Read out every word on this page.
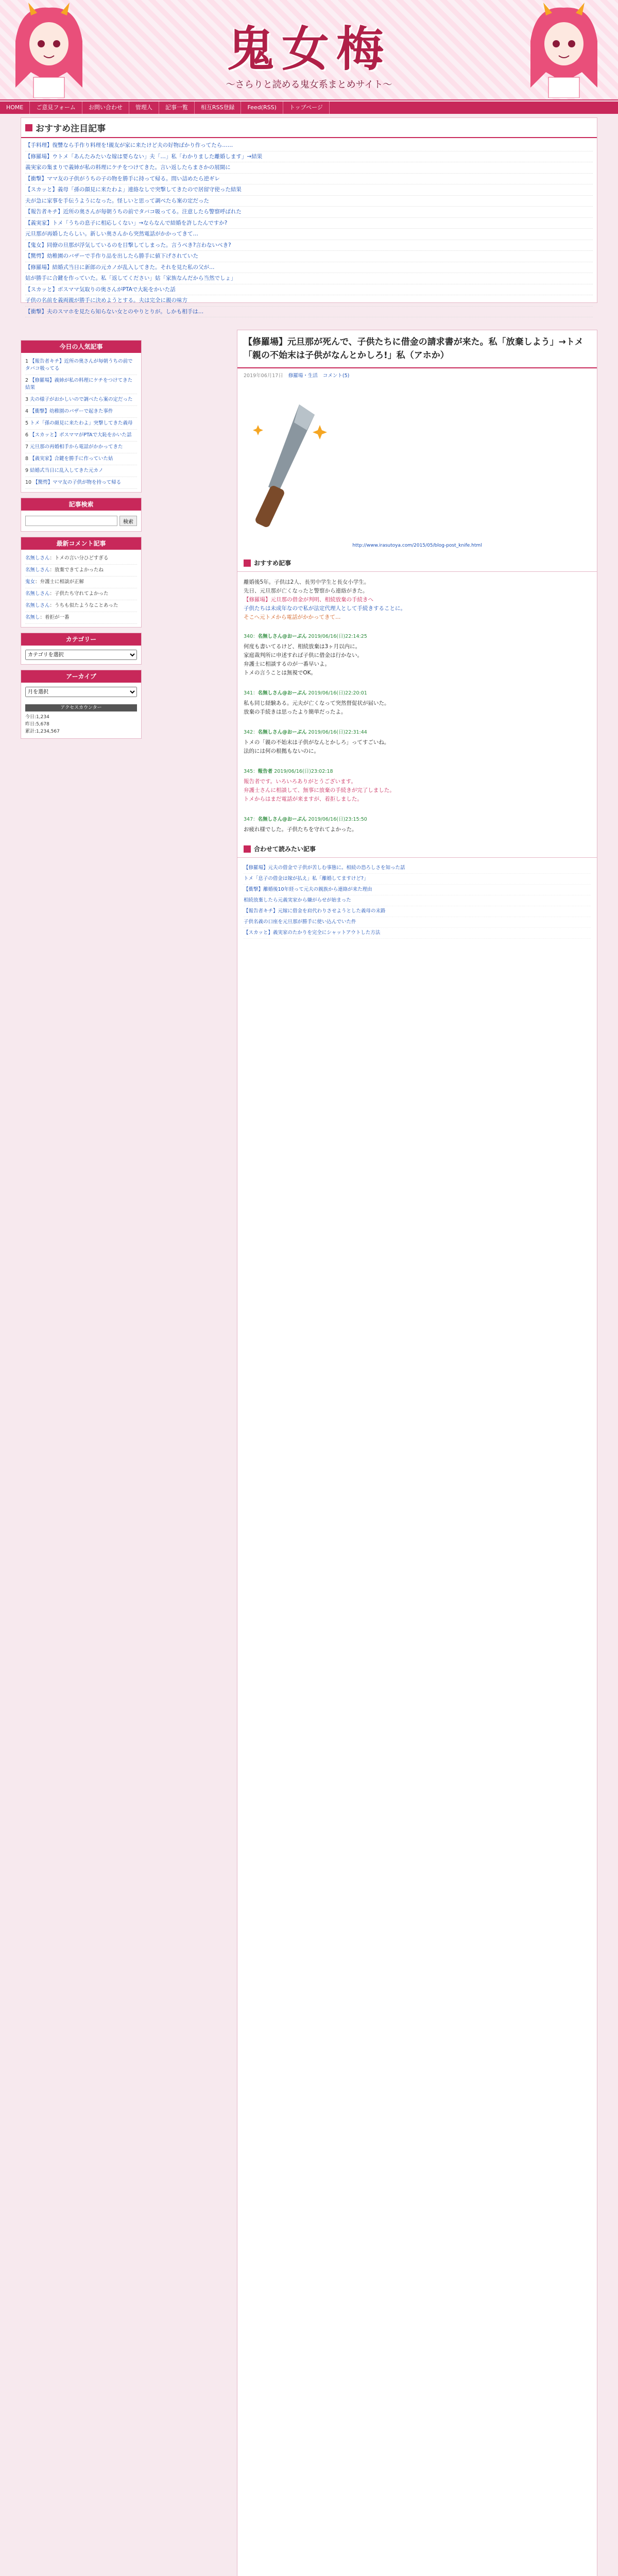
鬼女梅
～さらりと読める鬼女系まとめサイト～
HOME	ご意見フォーム	お問い合わせ	管理人	記事一覧	相互RSS登録	Feed(RSS)	トップページ
おすすめ注目記事
【手料理】復讐なら手作り料理を!親友が家に来たけど夫の好物ばかり作ってたら……
【修羅場】ウトメ「あんたみたいな嫁は要らない」夫「…」私「わかりました離婚します」→結果
義実家の集まりで義姉が私の料理にケチをつけてきた。言い返したらまさかの展開に
【衝撃】ママ友の子供がうちの子の物を勝手に持って帰る。問い詰めたら逆ギレ
【スカッと】義母「孫の顔見に来たわよ」連絡なしで突撃してきたので居留守使った結果
夫が急に家事を手伝うようになった。怪しいと思って調べたら案の定だった
【報告者キチ】近所の奥さんが毎朝うちの前でタバコ吸ってる。注意したら警察呼ばれた
【義実家】トメ「うちの息子に相応しくない」→ならなんで結婚を許したんですか?
元旦那が再婚したらしい。新しい奥さんから突然電話がかかってきて…
【鬼女】同僚の旦那が浮気しているのを目撃してしまった。言うべき?言わないべき?
【驚愕】幼稚園のバザーで手作り品を出したら勝手に値下げされていた
【修羅場】結婚式当日に新郎の元カノが乱入してきた。それを見た私の父が…
姑が勝手に合鍵を作っていた。私「返してください」姑「家族なんだから当然でしょ」
【スカッと】ボスママ気取りの奥さんがPTAで大恥をかいた話
子供の名前を義両親が勝手に決めようとする。夫は完全に親の味方
【衝撃】夫のスマホを見たら知らない女とのやりとりが。しかも相手は…
今日の人気記事
1 【報告者キチ】近所の奥さんが毎朝うちの前でタバコ吸ってる
2 【修羅場】義姉が私の料理にケチをつけてきた結果
3 夫の様子がおかしいので調べたら案の定だった
4 【衝撃】幼稚園のバザーで起きた事件
5 トメ「孫の顔見に来たわよ」突撃してきた義母
6 【スカッと】ボスママがPTAで大恥をかいた話
7 元旦那の再婚相手から電話がかかってきた
8 【義実家】合鍵を勝手に作っていた姑
9 結婚式当日に乱入してきた元カノ
10 【驚愕】ママ友の子供が物を持って帰る
記事検索
検索
最新コメント記事
名無しさん：トメの言い分ひどすぎる
名無しさん：放棄できてよかったね
鬼女：弁護士に相談が正解
名無しさん：子供たち守れてよかった
名無しさん：うちも似たようなことあった
名無し：着拒が一番
カテゴリー
カテゴリを選択
アーカイブ
月を選択
アクセスカウンター
今日:1,234
昨日:5,678
累計:1,234,567
【修羅場】元旦那が死んで、子供たちに借金の請求書が来た。私「放棄しよう」→トメ「親の不始末は子供がなんとかしろ!」私（アホか）
2019年06月17日 修羅場・生活 コメント(5)
http://www.irasutoya.com/2015/05/blog-post_knife.html
おすすめ記事
離婚後5年。子供は2人、長男中学生と長女小学生。
先日、元旦那が亡くなったと警察から連絡がきた。
【修羅場】元旦那の借金が判明、相続放棄の手続きへ
子供たちは未成年なので私が法定代理人として手続きすることに。
そこへ元トメから電話がかかってきて…
340：名無しさん@おーぷん 2019/06/16(日)22:14:25
何度も書いてるけど、相続放棄は3ヶ月以内に。
家庭裁判所に申述すれば子供に借金は行かない。
弁護士に相談するのが一番早いよ。
トメの言うことは無視でOK。
341：名無しさん@おーぷん 2019/06/16(日)22:20:01
私も同じ経験ある。元夫が亡くなって突然督促状が届いた。
放棄の手続きは思ったより簡単だったよ。
342：名無しさん@おーぷん 2019/06/16(日)22:31:44
トメの「親の不始末は子供がなんとかしろ」ってすごいね。
法的には何の根拠もないのに。
345：報告者 2019/06/16(日)23:02:18
報告者です。いろいろありがとうございます。
弁護士さんに相談して、無事に放棄の手続きが完了しました。
トメからはまだ電話が来ますが、着拒しました。
347：名無しさん@おーぷん 2019/06/16(日)23:15:50
お疲れ様でした。子供たちを守れてよかった。
合わせて読みたい記事
【修羅場】元夫の借金で子供が苦しむ事態に。相続の恐ろしさを知った話
トメ「息子の借金は嫁が払え」私「離婚してますけど?」
【衝撃】離婚後10年経って元夫の親族から連絡が来た理由
相続放棄したら元義実家から嫌がらせが始まった
【報告者キチ】元嫁に借金を肩代わりさせようとした義母の末路
子供名義の口座を元旦那が勝手に使い込んでいた件
【スカッと】義実家のたかりを完全にシャットアウトした方法
